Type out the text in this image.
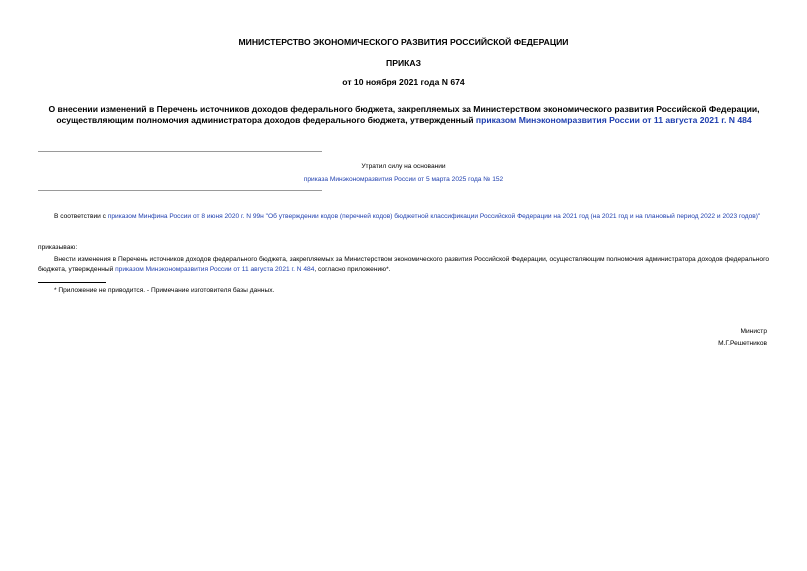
МИНИСТЕРСТВО ЭКОНОМИЧЕСКОГО РАЗВИТИЯ РОССИЙСКОЙ ФЕДЕРАЦИИ
ПРИКАЗ
от 10 ноября 2021 года N 674
О внесении изменений в Перечень источников доходов федерального бюджета, закрепляемых за Министерством экономического развития Российской Федерации, осуществляющим полномочия администратора доходов федерального бюджета, утвержденный приказом Минэкономразвития России от 11 августа 2021 г. N 484
Утратил силу на основании
приказа Минэкономразвития России от 5 марта 2025 года № 152
В соответствии с приказом Минфина России от 8 июня 2020 г. N 99н "Об утверждении кодов (перечней кодов) бюджетной классификации Российской Федерации на 2021 год (на 2021 год и на плановый период 2022 и 2023 годов)"
приказываю:
Внести изменения в Перечень источников доходов федерального бюджета, закрепляемых за Министерством экономического развития Российской Федерации, осуществляющим полномочия администратора доходов федерального бюджета, утвержденный приказом Минэкономразвития России от 11 августа 2021 г. N 484, согласно приложению*.
* Приложение не приводится. - Примечание изготовителя базы данных.
Министр
М.Г.Решетников
